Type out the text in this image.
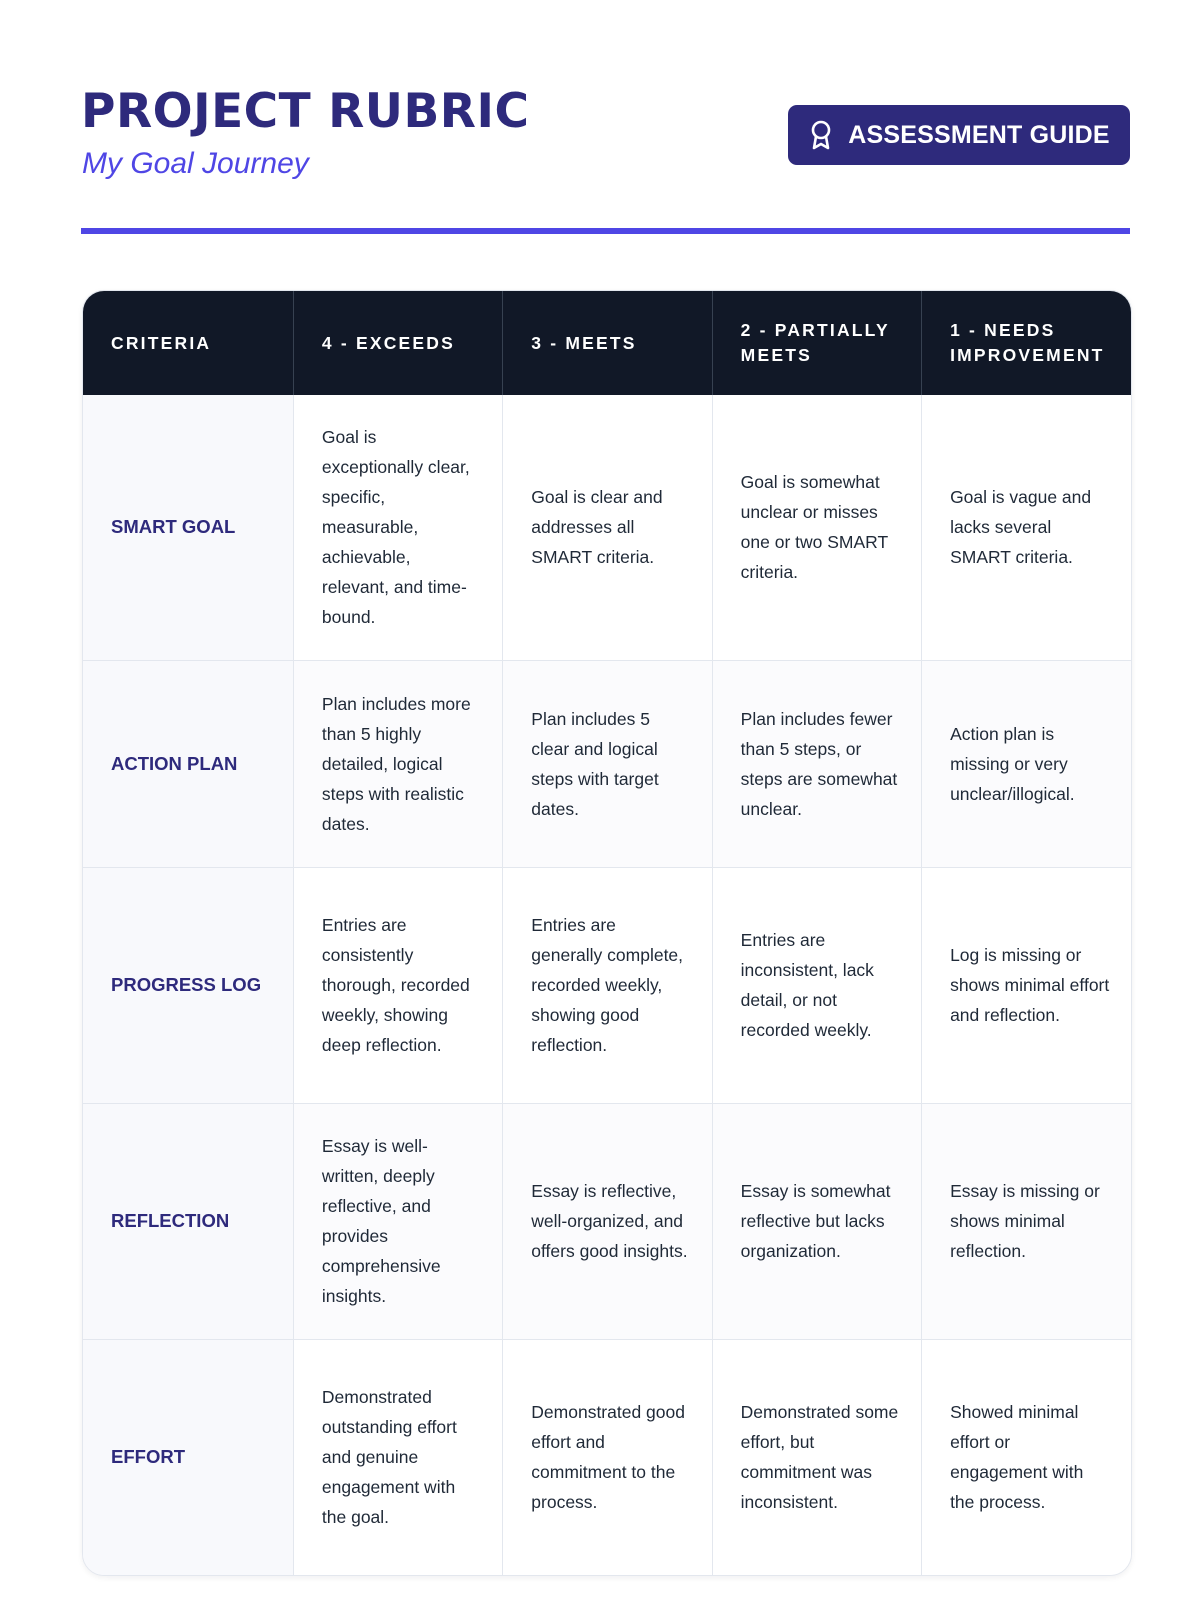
PROJECT RUBRIC
My Goal Journey
ASSESSMENT GUIDE
CRITERIA	4 - EXCEEDS	3 - MEETS	2 - PARTIALLY MEETS	1 - NEEDS IMPROVEMENT
SMART GOAL	Goal is exceptionally clear, specific, measurable, achievable, relevant, and time-bound.	Goal is clear and addresses all SMART criteria.	Goal is somewhat unclear or misses one or two SMART criteria.	Goal is vague and lacks several SMART criteria.
ACTION PLAN	Plan includes more than 5 highly detailed, logical steps with realistic dates.	Plan includes 5 clear and logical steps with target dates.	Plan includes fewer than 5 steps, or steps are somewhat unclear.	Action plan is missing or very unclear/illogical.
PROGRESS LOG	Entries are consistently thorough, recorded weekly, showing deep reflection.	Entries are generally complete, recorded weekly, showing good reflection.	Entries are inconsistent, lack detail, or not recorded weekly.	Log is missing or shows minimal effort and reflection.
REFLECTION	Essay is well-written, deeply reflective, and provides comprehensive insights.	Essay is reflective, well-organized, and offers good insights.	Essay is somewhat reflective but lacks organization.	Essay is missing or shows minimal reflection.
EFFORT	Demonstrated outstanding effort and genuine engagement with the goal.	Demonstrated good effort and commitment to the process.	Demonstrated some effort, but commitment was inconsistent.	Showed minimal effort or engagement with the process.
